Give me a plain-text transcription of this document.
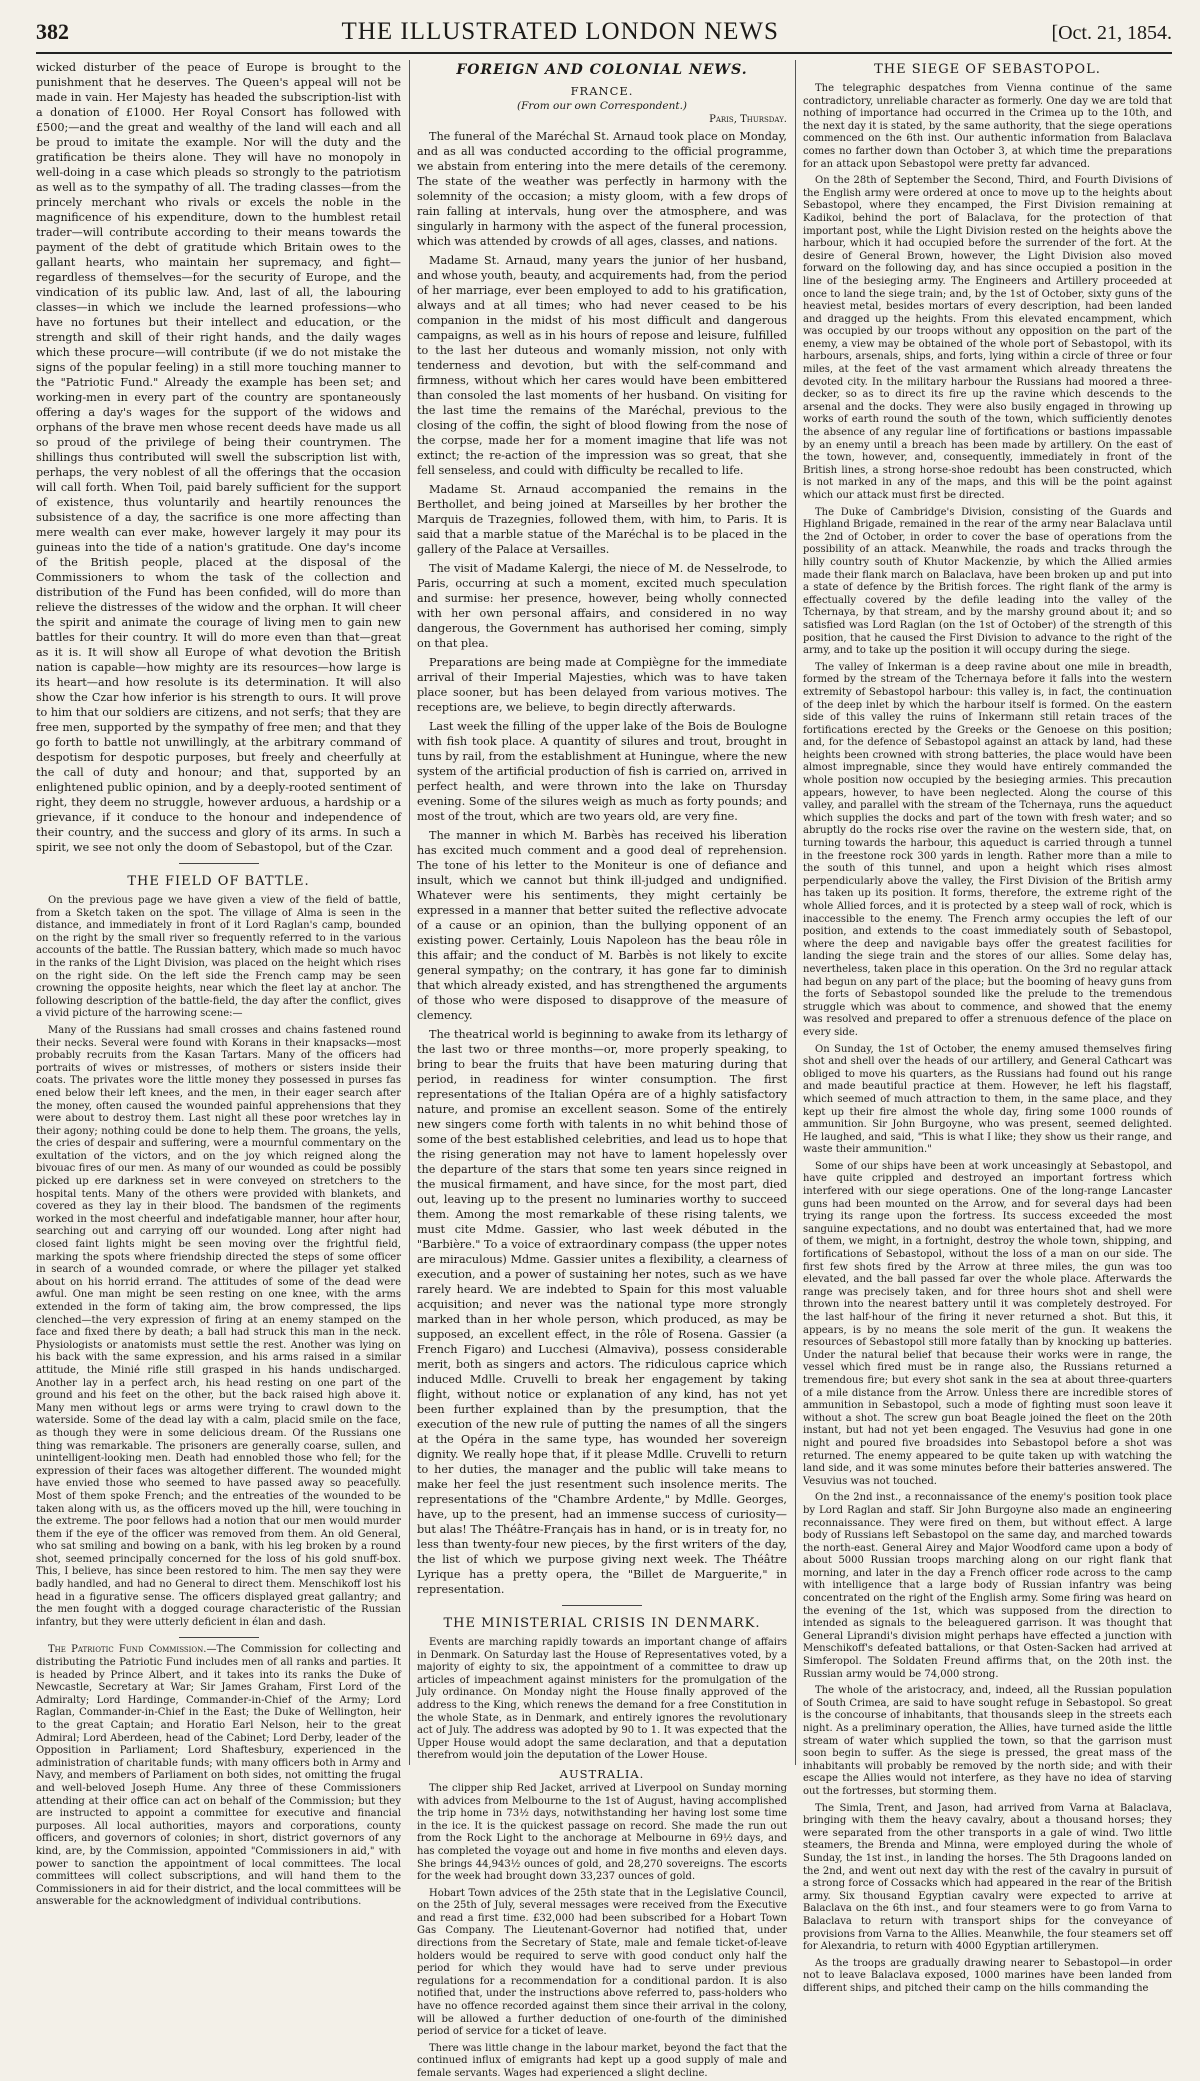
382	THE ILLUSTRATED LONDON NEWS	[Oct. 21, 1854.

wicked disturber of the peace of Europe is brought to the punishment that he deserves. The Queen's appeal will not be made in vain. Her Majesty has headed the subscription-list with a donation of £1000. Her Royal Consort has followed with £500;—and the great and wealthy of the land will each and all be proud to imitate the example. Nor will the duty and the gratification be theirs alone. They will have no monopoly in well-doing in a case which pleads so strongly to the patriotism as well as to the sympathy of all. The trading classes—from the princely merchant who rivals or excels the noble in the magnificence of his expenditure, down to the humblest retail trader—will contribute according to their means towards the payment of the debt of gratitude which Britain owes to the gallant hearts, who maintain her supremacy, and fight—regardless of themselves—for the security of Europe, and the vindication of its public law. And, last of all, the labouring classes—in which we include the learned professions—who have no fortunes but their intellect and education, or the strength and skill of their right hands, and the daily wages which these procure—will contribute (if we do not mistake the signs of the popular feeling) in a still more touching manner to the "Patriotic Fund." Already the example has been set; and working-men in every part of the country are spontaneously offering a day's wages for the support of the widows and orphans of the brave men whose recent deeds have made us all so proud of the privilege of being their countrymen. The shillings thus contributed will swell the subscription list with, perhaps, the very noblest of all the offerings that the occasion will call forth. When Toil, paid barely sufficient for the support of existence, thus voluntarily and heartily renounces the subsistence of a day, the sacrifice is one more affecting than mere wealth can ever make, however largely it may pour its guineas into the tide of a nation's gratitude. One day's income of the British people, placed at the disposal of the Commissioners to whom the task of the collection and distribution of the Fund has been confided, will do more than relieve the distresses of the widow and the orphan. It will cheer the spirit and animate the courage of living men to gain new battles for their country. It will do more even than that—great as it is. It will show all Europe of what devotion the British nation is capable—how mighty are its resources—how large is its heart—and how resolute is its determination. It will also show the Czar how inferior is his strength to ours. It will prove to him that our soldiers are citizens, and not serfs; that they are free men, supported by the sympathy of free men; and that they go forth to battle not unwillingly, at the arbitrary command of despotism for despotic purposes, but freely and cheerfully at the call of duty and honour; and that, supported by an enlightened public opinion, and by a deeply-rooted sentiment of right, they deem no struggle, however arduous, a hardship or a grievance, if it conduce to the honour and independence of their country, and the success and glory of its arms. In such a spirit, we see not only the doom of Sebastopol, but of the Czar.

THE FIELD OF BATTLE.

On the previous page we have given a view of the field of battle, from a Sketch taken on the spot. The village of Alma is seen in the distance, and immediately in front of it Lord Raglan's camp, bounded on the right by the small river so frequently referred to in the various accounts of the battle. The Russian battery, which made so much havoc in the ranks of the Light Division, was placed on the height which rises on the right side. On the left side the French camp may be seen crowning the opposite heights, near which the fleet lay at anchor. The following description of the battle-field, the day after the conflict, gives a vivid picture of the harrowing scene:—

Many of the Russians had small crosses and chains fastened round their necks. Several were found with Korans in their knapsacks—most probably recruits from the Kasan Tartars. Many of the officers had portraits of wives or mistresses, of mothers or sisters inside their coats. The privates wore the little money they possessed in purses fas ened below their left knees, and the men, in their eager search after the money, often caused the wounded painful apprehensions that they were about to destroy them. Last night all these poor wretches lay in their agony; nothing could be done to help them. The groans, the yells, the cries of despair and suffering, were a mournful commentary on the exultation of the victors, and on the joy which reigned along the bivouac fires of our men. As many of our wounded as could be possibly picked up ere darkness set in were conveyed on stretchers to the hospital tents. Many of the others were provided with blankets, and covered as they lay in their blood. The bandsmen of the regiments worked in the most cheerful and indefatigable manner, hour after hour, searching out and carrying off our wounded. Long after night had closed faint lights might be seen moving over the frightful field, marking the spots where friendship directed the steps of some officer in search of a wounded comrade, or where the pillager yet stalked about on his horrid errand. The attitudes of some of the dead were awful. One man might be seen resting on one knee, with the arms extended in the form of taking aim, the brow compressed, the lips clenched—the very expression of firing at an enemy stamped on the face and fixed there by death; a ball had struck this man in the neck. Physiologists or anatomists must settle the rest. Another was lying on his back with the same expression, and his arms raised in a similar attitude, the Minié rifle still grasped in his hands undischarged. Another lay in a perfect arch, his head resting on one part of the ground and his feet on the other, but the back raised high above it. Many men without legs or arms were trying to crawl down to the waterside. Some of the dead lay with a calm, placid smile on the face, as though they were in some delicious dream. Of the Russians one thing was remarkable. The prisoners are generally coarse, sullen, and unintelligent-looking men. Death had ennobled those who fell; for the expression of their faces was altogether different. The wounded might have envied those who seemed to have passed away so peacefully. Most of them spoke French; and the entreaties of the wounded to be taken along with us, as the officers moved up the hill, were touching in the extreme. The poor fellows had a notion that our men would murder them if the eye of the officer was removed from them. An old General, who sat smiling and bowing on a bank, with his leg broken by a round shot, seemed principally concerned for the loss of his gold snuff-box. This, I believe, has since been restored to him. The men say they were badly handled, and had no General to direct them. Menschikoff lost his head in a figurative sense. The officers displayed great gallantry; and the men fought with a dogged courage characteristic of the Russian infantry, but they were utterly deficient in élan and dash.

The Patriotic Fund Commission.—The Commission for collecting and distributing the Patriotic Fund includes men of all ranks and parties. It is headed by Prince Albert, and it takes into its ranks the Duke of Newcastle, Secretary at War; Sir James Graham, First Lord of the Admiralty; Lord Hardinge, Commander-in-Chief of the Army; Lord Raglan, Commander-in-Chief in the East; the Duke of Wellington, heir to the great Captain; and Horatio Earl Nelson, heir to the great Admiral; Lord Aberdeen, head of the Cabinet; Lord Derby, leader of the Opposition in Parliament; Lord Shaftesbury, experienced in the administration of charitable funds; with many officers both in Army and Navy, and members of Parliament on both sides, not omitting the frugal and well-beloved Joseph Hume. Any three of these Commissioners attending at their office can act on behalf of the Commission; but they are instructed to appoint a committee for executive and financial purposes. All local authorities, mayors and corporations, county officers, and governors of colonies; in short, district governors of any kind, are, by the Commission, appointed "Commissioners in aid," with power to sanction the appointment of local committees. The local committees will collect subscriptions, and will hand them to the Commissioners in aid for their district, and the local committees will be answerable for the acknowledgment of individual contributions.

FOREIGN AND COLONIAL NEWS.
FRANCE.
(From our own Correspondent.)
Paris, Thursday.

The funeral of the Maréchal St. Arnaud took place on Monday, and as all was conducted according to the official programme, we abstain from entering into the mere details of the ceremony. The state of the weather was perfectly in harmony with the solemnity of the occasion; a misty gloom, with a few drops of rain falling at intervals, hung over the atmosphere, and was singularly in harmony with the aspect of the funeral procession, which was attended by crowds of all ages, classes, and nations.

Madame St. Arnaud, many years the junior of her husband, and whose youth, beauty, and acquirements had, from the period of her marriage, ever been employed to add to his gratification, always and at all times; who had never ceased to be his companion in the midst of his most difficult and dangerous campaigns, as well as in his hours of repose and leisure, fulfilled to the last her duteous and womanly mission, not only with tenderness and devotion, but with the self-command and firmness, without which her cares would have been embittered than consoled the last moments of her husband. On visiting for the last time the remains of the Maréchal, previous to the closing of the coffin, the sight of blood flowing from the nose of the corpse, made her for a moment imagine that life was not extinct; the re-action of the impression was so great, that she fell senseless, and could with difficulty be recalled to life.

Madame St. Arnaud accompanied the remains in the Berthollet, and being joined at Marseilles by her brother the Marquis de Trazegnies, followed them, with him, to Paris. It is said that a marble statue of the Maréchal is to be placed in the gallery of the Palace at Versailles.

The visit of Madame Kalergi, the niece of M. de Nesselrode, to Paris, occurring at such a moment, excited much speculation and surmise: her presence, however, being wholly connected with her own personal affairs, and considered in no way dangerous, the Government has authorised her coming, simply on that plea.

Preparations are being made at Compiègne for the immediate arrival of their Imperial Majesties, which was to have taken place sooner, but has been delayed from various motives. The receptions are, we believe, to begin directly afterwards.

Last week the filling of the upper lake of the Bois de Boulogne with fish took place. A quantity of silures and trout, brought in tuns by rail, from the establishment at Huningue, where the new system of the artificial production of fish is carried on, arrived in perfect health, and were thrown into the lake on Thursday evening. Some of the silures weigh as much as forty pounds; and most of the trout, which are two years old, are very fine.

The manner in which M. Barbès has received his liberation has excited much comment and a good deal of reprehension. The tone of his letter to the Moniteur is one of defiance and insult, which we cannot but think ill-judged and undignified. Whatever were his sentiments, they might certainly be expressed in a manner that better suited the reflective advocate of a cause or an opinion, than the bullying opponent of an existing power. Certainly, Louis Napoleon has the beau rôle in this affair; and the conduct of M. Barbès is not likely to excite general sympathy; on the contrary, it has gone far to diminish that which already existed, and has strengthened the arguments of those who were disposed to disapprove of the measure of clemency.

The theatrical world is beginning to awake from its lethargy of the last two or three months—or, more properly speaking, to bring to bear the fruits that have been maturing during that period, in readiness for winter consumption. The first representations of the Italian Opéra are of a highly satisfactory nature, and promise an excellent season. Some of the entirely new singers come forth with talents in no whit behind those of some of the best established celebrities, and lead us to hope that the rising generation may not have to lament hopelessly over the departure of the stars that some ten years since reigned in the musical firmament, and have since, for the most part, died out, leaving up to the present no luminaries worthy to succeed them. Among the most remarkable of these rising talents, we must cite Mdme. Gassier, who last week débuted in the "Barbière." To a voice of extraordinary compass (the upper notes are miraculous) Mdme. Gassier unites a flexibility, a clearness of execution, and a power of sustaining her notes, such as we have rarely heard. We are indebted to Spain for this most valuable acquisition; and never was the national type more strongly marked than in her whole person, which produced, as may be supposed, an excellent effect, in the rôle of Rosena. Gassier (a French Figaro) and Lucchesi (Almaviva), possess considerable merit, both as singers and actors. The ridiculous caprice which induced Mdlle. Cruvelli to break her engagement by taking flight, without notice or explanation of any kind, has not yet been further explained than by the presumption, that the execution of the new rule of putting the names of all the singers at the Opéra in the same type, has wounded her sovereign dignity. We really hope that, if it please Mdlle. Cruvelli to return to her duties, the manager and the public will take means to make her feel the just resentment such insolence merits. The representations of the "Chambre Ardente," by Mdlle. Georges, have, up to the present, had an immense success of curiosity—but alas! The Théâtre-Français has in hand, or is in treaty for, no less than twenty-four new pieces, by the first writers of the day, the list of which we purpose giving next week. The Théâtre Lyrique has a pretty opera, the "Billet de Marguerite," in representation.

THE MINISTERIAL CRISIS IN DENMARK.

Events are marching rapidly towards an important change of affairs in Denmark. On Saturday last the House of Representatives voted, by a majority of eighty to six, the appointment of a committee to draw up articles of impeachment against ministers for the promulgation of the July ordinance. On Monday night the House finally approved of the address to the King, which renews the demand for a free Constitution in the whole State, as in Denmark, and entirely ignores the revolutionary act of July. The address was adopted by 90 to 1. It was expected that the Upper House would adopt the same declaration, and that a deputation therefrom would join the deputation of the Lower House.

AUSTRALIA.

The clipper ship Red Jacket, arrived at Liverpool on Sunday morning with advices from Melbourne to the 1st of August, having accomplished the trip home in 73½ days, notwithstanding her having lost some time in the ice. It is the quickest passage on record. She made the run out from the Rock Light to the anchorage at Melbourne in 69½ days, and has completed the voyage out and home in five months and eleven days. She brings 44,943½ ounces of gold, and 28,270 sovereigns. The escorts for the week had brought down 33,237 ounces of gold.

Hobart Town advices of the 25th state that in the Legislative Council, on the 25th of July, several messages were received from the Executive and read a first time. £32,000 had been subscribed for a Hobart Town Gas Company. The Lieutenant-Governor had notified that, under directions from the Secretary of State, male and female ticket-of-leave holders would be required to serve with good conduct only half the period for which they would have had to serve under previous regulations for a recommendation for a conditional pardon. It is also notified that, under the instructions above referred to, pass-holders who have no offence recorded against them since their arrival in the colony, will be allowed a further deduction of one-fourth of the diminished period of service for a ticket of leave.

There was little change in the labour market, beyond the fact that the continued influx of emigrants had kept up a good supply of male and female servants. Wages had experienced a slight decline.

THE SIEGE OF SEBASTOPOL.

The telegraphic despatches from Vienna continue of the same contradictory, unreliable character as formerly. One day we are told that nothing of importance had occurred in the Crimea up to the 10th, and the next day it is stated, by the same authority, that the siege operations commenced on the 6th inst. Our authentic information from Balaclava comes no farther down than October 3, at which time the preparations for an attack upon Sebastopol were pretty far advanced.

On the 28th of September the Second, Third, and Fourth Divisions of the English army were ordered at once to move up to the heights about Sebastopol, where they encamped, the First Division remaining at Kadikoi, behind the port of Balaclava, for the protection of that important post, while the Light Division rested on the heights above the harbour, which it had occupied before the surrender of the fort. At the desire of General Brown, however, the Light Division also moved forward on the following day, and has since occupied a position in the line of the besieging army. The Engineers and Artillery proceeded at once to land the siege train; and, by the 1st of October, sixty guns of the heaviest metal, besides mortars of every description, had been landed and dragged up the heights. From this elevated encampment, which was occupied by our troops without any opposition on the part of the enemy, a view may be obtained of the whole port of Sebastopol, with its harbours, arsenals, ships, and forts, lying within a circle of three or four miles, at the feet of the vast armament which already threatens the devoted city. In the military harbour the Russians had moored a three-decker, so as to direct its fire up the ravine which descends to the arsenal and the docks. They were also busily engaged in throwing up works of earth round the south of the town, which sufficiently denotes the absence of any regular line of fortifications or bastions impassable by an enemy until a breach has been made by artillery. On the east of the town, however, and, consequently, immediately in front of the British lines, a strong horse-shoe redoubt has been constructed, which is not marked in any of the maps, and this will be the point against which our attack must first be directed.

The Duke of Cambridge's Division, consisting of the Guards and Highland Brigade, remained in the rear of the army near Balaclava until the 2nd of October, in order to cover the base of operations from the possibility of an attack. Meanwhile, the roads and tracks through the hilly country south of Khutor Mackenzie, by which the Allied armies made their flank march on Balaclava, have been broken up and put into a state of defence by the British forces. The right flank of the army is effectually covered by the defile leading into the valley of the Tchernaya, by that stream, and by the marshy ground about it; and so satisfied was Lord Raglan (on the 1st of October) of the strength of this position, that he caused the First Division to advance to the right of the army, and to take up the position it will occupy during the siege.

The valley of Inkerman is a deep ravine about one mile in breadth, formed by the stream of the Tchernaya before it falls into the western extremity of Sebastopol harbour: this valley is, in fact, the continuation of the deep inlet by which the harbour itself is formed. On the eastern side of this valley the ruins of Inkermann still retain traces of the fortifications erected by the Greeks or the Genoese on this position; and, for the defence of Sebastopol against an attack by land, had these heights been crowned with strong batteries, the place would have been almost impregnable, since they would have entirely commanded the whole position now occupied by the besieging armies. This precaution appears, however, to have been neglected. Along the course of this valley, and parallel with the stream of the Tchernaya, runs the aqueduct which supplies the docks and part of the town with fresh water; and so abruptly do the rocks rise over the ravine on the western side, that, on turning towards the harbour, this aqueduct is carried through a tunnel in the freestone rock 300 yards in length. Rather more than a mile to the south of this tunnel, and upon a height which rises almost perpendicularly above the valley, the First Division of the British army has taken up its position. It forms, therefore, the extreme right of the whole Allied forces, and it is protected by a steep wall of rock, which is inaccessible to the enemy. The French army occupies the left of our position, and extends to the coast immediately south of Sebastopol, where the deep and navigable bays offer the greatest facilities for landing the siege train and the stores of our allies. Some delay has, nevertheless, taken place in this operation. On the 3rd no regular attack had begun on any part of the place; but the booming of heavy guns from the forts of Sebastopol sounded like the prelude to the tremendous struggle which was about to commence, and showed that the enemy was resolved and prepared to offer a strenuous defence of the place on every side.

On Sunday, the 1st of October, the enemy amused themselves firing shot and shell over the heads of our artillery, and General Cathcart was obliged to move his quarters, as the Russians had found out his range and made beautiful practice at them. However, he left his flagstaff, which seemed of much attraction to them, in the same place, and they kept up their fire almost the whole day, firing some 1000 rounds of ammunition. Sir John Burgoyne, who was present, seemed delighted. He laughed, and said, "This is what I like; they show us their range, and waste their ammunition."

Some of our ships have been at work unceasingly at Sebastopol, and have quite crippled and destroyed an important fortress which interfered with our siege operations. One of the long-range Lancaster guns had been mounted on the Arrow, and for several days had been trying its range upon the fortress. Its success exceeded the most sanguine expectations, and no doubt was entertained that, had we more of them, we might, in a fortnight, destroy the whole town, shipping, and fortifications of Sebastopol, without the loss of a man on our side. The first few shots fired by the Arrow at three miles, the gun was too elevated, and the ball passed far over the whole place. Afterwards the range was precisely taken, and for three hours shot and shell were thrown into the nearest battery until it was completely destroyed. For the last half-hour of the firing it never returned a shot. But this, it appears, is by no means the sole merit of the gun. It weakens the resources of Sebastopol still more fatally than by knocking up batteries. Under the natural belief that because their works were in range, the vessel which fired must be in range also, the Russians returned a tremendous fire; but every shot sank in the sea at about three-quarters of a mile distance from the Arrow. Unless there are incredible stores of ammunition in Sebastopol, such a mode of fighting must soon leave it without a shot. The screw gun boat Beagle joined the fleet on the 20th instant, but had not yet been engaged. The Vesuvius had gone in one night and poured five broadsides into Sebastopol before a shot was returned. The enemy appeared to be quite taken up with watching the land side, and it was some minutes before their batteries answered. The Vesuvius was not touched.

On the 2nd inst., a reconnaissance of the enemy's position took place by Lord Raglan and staff. Sir John Burgoyne also made an engineering reconnaissance. They were fired on them, but without effect. A large body of Russians left Sebastopol on the same day, and marched towards the north-east. General Airey and Major Woodford came upon a body of about 5000 Russian troops marching along on our right flank that morning, and later in the day a French officer rode across to the camp with intelligence that a large body of Russian infantry was being concentrated on the right of the English army. Some firing was heard on the evening of the 1st, which was supposed from the direction to intended as signals to the beleaguered garrison. It was thought that General Liprandi's division might perhaps have effected a junction with Menschikoff's defeated battalions, or that Osten-Sacken had arrived at Simferopol. The Soldaten Freund affirms that, on the 20th inst. the Russian army would be 74,000 strong.

The whole of the aristocracy, and, indeed, all the Russian population of South Crimea, are said to have sought refuge in Sebastopol. So great is the concourse of inhabitants, that thousands sleep in the streets each night. As a preliminary operation, the Allies, have turned aside the little stream of water which supplied the town, so that the garrison must soon begin to suffer. As the siege is pressed, the great mass of the inhabitants will probably be removed by the north side; and with their escape the Allies would not interfere, as they have no idea of starving out the fortresses, but storming them.

The Simla, Trent, and Jason, had arrived from Varna at Balaclava, bringing with them the heavy cavalry, about a thousand horses; they were separated from the other transports in a gale of wind. Two little steamers, the Brenda and Minna, were employed during the whole of Sunday, the 1st inst., in landing the horses. The 5th Dragoons landed on the 2nd, and went out next day with the rest of the cavalry in pursuit of a strong force of Cossacks which had appeared in the rear of the British army. Six thousand Egyptian cavalry were expected to arrive at Balaclava on the 6th inst., and four steamers were to go from Varna to Balaclava to return with transport ships for the conveyance of provisions from Varna to the Allies. Meanwhile, the four steamers set off for Alexandria, to return with 4000 Egyptian artillerymen.

As the troops are gradually drawing nearer to Sebastopol—in order not to leave Balaclava exposed, 1000 marines have been landed from different ships, and pitched their camp on the hills commanding the
